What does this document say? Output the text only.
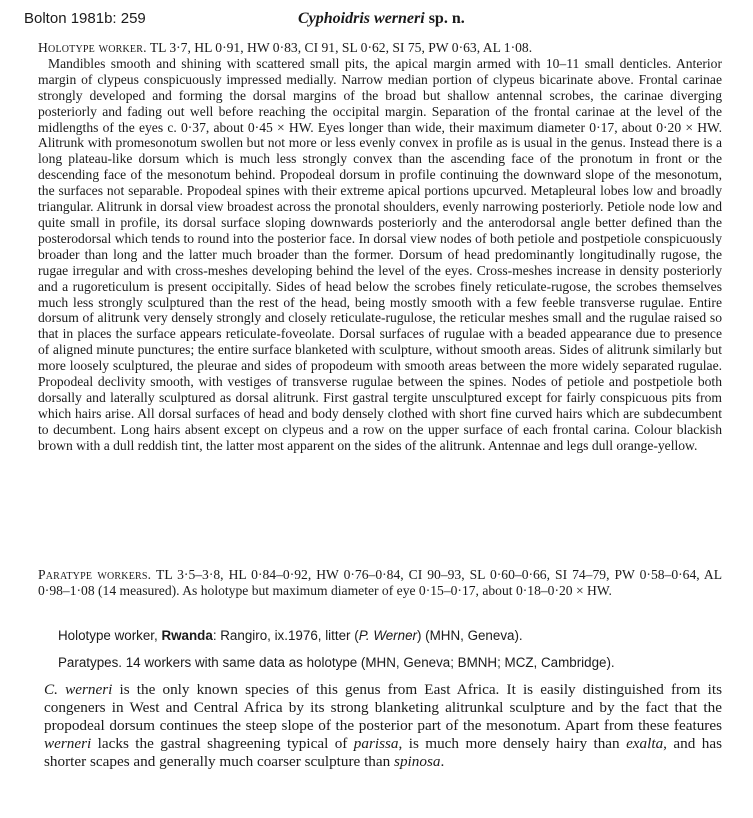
Bolton 1981b: 259	Cyphoidris werneri sp. n.

Holotype worker. TL 3·7, HL 0·91, HW 0·83, CI 91, SL 0·62, SI 75, PW 0·63, AL 1·08.

Mandibles smooth and shining with scattered small pits, the apical margin armed with 10–11 small denticles. Anterior margin of clypeus conspicuously impressed medially. Narrow median portion of clypeus bicarinate above. Frontal carinae strongly developed and forming the dorsal margins of the broad but shallow antennal scrobes, the carinae diverging posteriorly and fading out well before reaching the occipital margin. Separation of the frontal carinae at the level of the midlengths of the eyes c. 0·37, about 0·45 × HW. Eyes longer than wide, their maximum diameter 0·17, about 0·20 × HW. Alitrunk with promesonotum swollen but not more or less evenly convex in profile as is usual in the genus. Instead there is a long plateau-like dorsum which is much less strongly convex than the ascending face of the pronotum in front or the descending face of the mesonotum behind. Propodeal dorsum in profile continuing the downward slope of the mesonotum, the surfaces not separable. Propodeal spines with their extreme apical portions upcurved. Metapleural lobes low and broadly triangular. Alitrunk in dorsal view broadest across the pronotal shoulders, evenly narrowing posteriorly. Petiole node low and quite small in profile, its dorsal surface sloping downwards posteriorly and the anterodorsal angle better defined than the posterodorsal which tends to round into the posterior face. In dorsal view nodes of both petiole and postpetiole conspicuously broader than long and the latter much broader than the former. Dorsum of head predominantly longitudinally rugose, the rugae irregular and with cross-meshes developing behind the level of the eyes. Cross-meshes increase in density posteriorly and a rugoreticulum is present occipitally. Sides of head below the scrobes finely reticulate-rugose, the scrobes themselves much less strongly sculptured than the rest of the head, being mostly smooth with a few feeble transverse rugulae. Entire dorsum of alitrunk very densely strongly and closely reticulate-rugulose, the reticular meshes small and the rugulae raised so that in places the surface appears reticulate-foveolate. Dorsal surfaces of rugulae with a beaded appearance due to presence of aligned minute punctures; the entire surface blanketed with sculpture, without smooth areas. Sides of alitrunk similarly but more loosely sculptured, the pleurae and sides of propodeum with smooth areas between the more widely separated rugulae. Propodeal declivity smooth, with vestiges of transverse rugulae between the spines. Nodes of petiole and postpetiole both dorsally and laterally sculptured as dorsal alitrunk. First gastral tergite unsculptured except for fairly conspicuous pits from which hairs arise. All dorsal surfaces of head and body densely clothed with short fine curved hairs which are subdecumbent to decumbent. Long hairs absent except on clypeus and a row on the upper surface of each frontal carina. Colour blackish brown with a dull reddish tint, the latter most apparent on the sides of the alitrunk. Antennae and legs dull orange-yellow.

Paratype workers. TL 3·5–3·8, HL 0·84–0·92, HW 0·76–0·84, CI 90–93, SL 0·60–0·66, SI 74–79, PW 0·58–0·64, AL 0·98–1·08 (14 measured). As holotype but maximum diameter of eye 0·15–0·17, about 0·18–0·20 × HW.

Holotype worker, Rwanda: Rangiro, ix.1976, litter (P. Werner) (MHN, Geneva).
Paratypes. 14 workers with same data as holotype (MHN, Geneva; BMNH; MCZ, Cambridge).
C. werneri is the only known species of this genus from East Africa. It is easily distinguished from its congeners in West and Central Africa by its strong blanketing alitrunkal sculpture and by the fact that the propodeal dorsum continues the steep slope of the posterior part of the mesonotum. Apart from these features werneri lacks the gastral shagreening typical of parissa, is much more densely hairy than exalta, and has shorter scapes and generally much coarser sculpture than spinosa.
